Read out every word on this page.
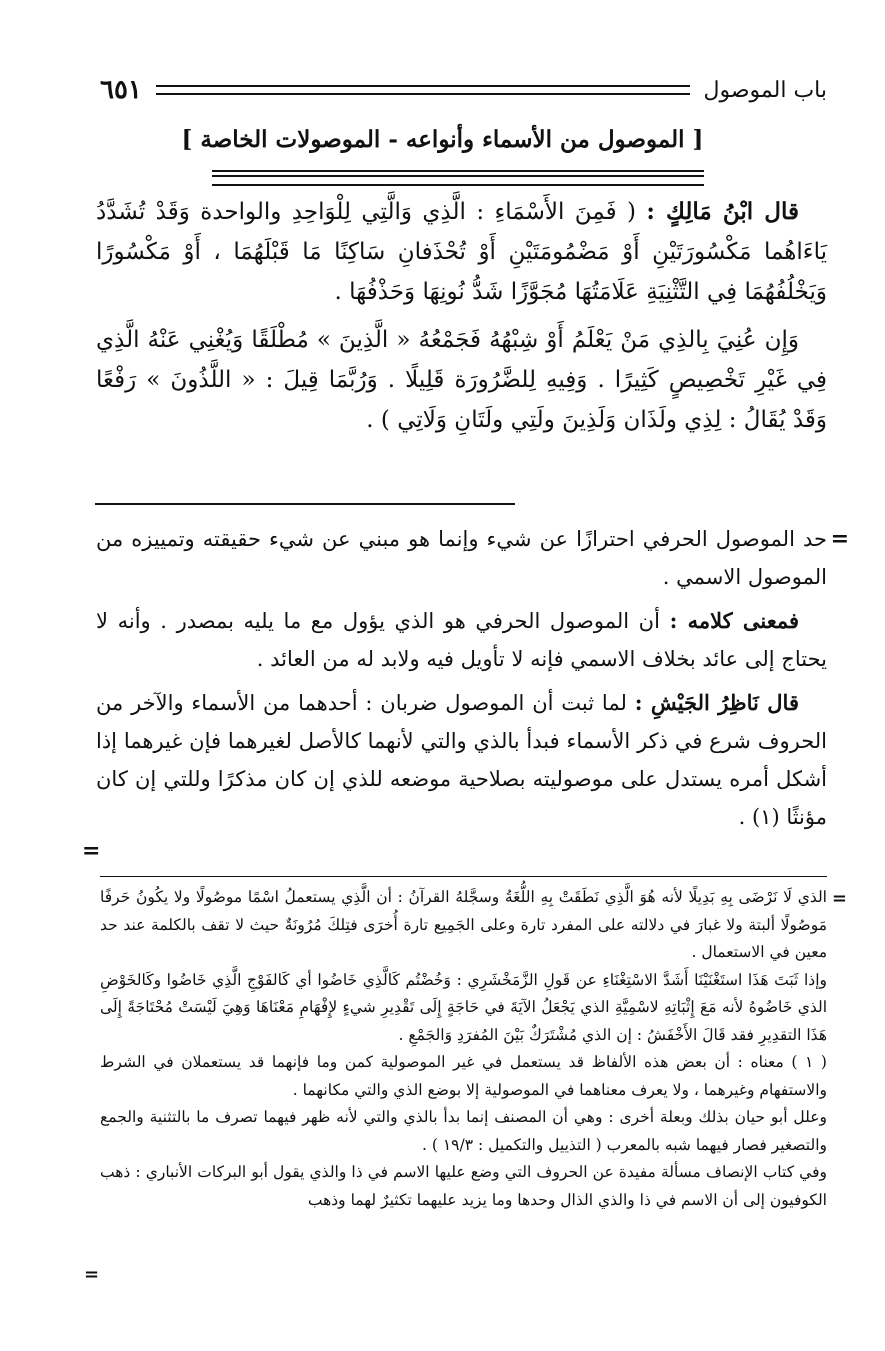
باب الموصول
٦٥١
[ الموصول من الأسماء وأنواعه - الموصولات الخاصة ]

قال ابْنُ مَالِكٍ : ( فَمِنَ الأَسْمَاءِ : الَّذِي وَالَّتِي لِلْوَاحِدِ والواحدة وَقَدْ تُشَدَّدُ يَاءَاهُما مَكْسُورَتَيْنِ أَوْ مَضْمُومَتَيْنِ أَوْ تُحْذَفانِ سَاكِنًا مَا قَبْلَهُمَا ، أَوْ مَكْسُورًا وَيَخْلُفُهُمَا فِي التَّثْنِيَةِ عَلَامَتُهَا مُجَوَّزًا شَدُّ نُونِهَا وَحَذْفُهَا .

وَإِن عُنِيَ بِالذِي مَنْ يَعْلَمُ أَوْ شِبْهُهُ فَجَمْعُهُ « الَّذِينَ » مُطْلَقًا وَيُغْنِي عَنْهُ الَّذِي فِي غَيْرِ تَخْصِيصٍ كَثِيرًا . وَفِيهِ لِلضَّرُورَة قَلِيلًا . وَرُبَّمَا قِيلَ : « اللَّذُونَ » رَفْعًا وَقَدْ يُقَالُ : لِذِي ولَذَان وَلَذِينَ ولَتِي ولَتَانِ وَلَاتِي ) .

=

حد الموصول الحرفي احترازًا عن شيء وإنما هو مبني عن شيء حقيقته وتمييزه من الموصول الاسمي .

فمعنى كلامه : أن الموصول الحرفي هو الذي يؤول مع ما يليه بمصدر . وأنه لا يحتاج إلى عائد بخلاف الاسمي فإنه لا تأويل فيه ولابد له من العائد .

قال نَاظِرُ الجَيْشِ : لما ثبت أن الموصول ضربان : أحدهما من الأسماء والآخر من الحروف شرع في ذكر الأسماء فبدأ بالذي والتي لأنهما كالأصل لغيرهما فإن غيرهما إذا أشكل أمره يستدل على موصوليته بصلاحية موضعه للذي إن كان مذكرًا وللتي إن كان مؤنثًا (١) .

=
=

الذي لَا نَرْضَى بِهِ بَدِيلًا لأنه هُوَ الَّذِي نَطَقَتْ بِهِ اللُّغَةُ وسجَّلهُ القرآنُ : أن الَّذِي يستعملُ اسْمًا موصُولًا ولا يكُونُ حَرفًا مَوصُولًا ألبتة ولا غبارَ في دلالته على المفرد تارة وعلى الجَمِيع تارة أُخرَى فتِلكَ مُرُونَةٌ حيث لا تقف بالكلمة عند حد معين في الاستعمال .

وإذا ثَبَتَ هَذَا استَغْنَيْنَا أَشَدَّ الاسْتِغْنَاءِ عن قَولِ الزَّمَخْشَرِي : وَخُضْتُم كَالَّذِي خَاضُوا أي كَالفَوْجِ الَّذِي خَاضُوا وكَالخَوْضِ الذي خَاضُوهُ لأنه مَعَ إِثْبَاتِهِ لاسْمِيَّةِ الذي يَجْعَلُ الآيَةَ في حَاجَةٍ إِلَى تَقْدِيرِ شيءٍ لإِفْهَامِ مَعْنَاهَا وَهِيَ لَيْسَتْ مُحْتَاجَةً إِلَى هَذَا التقدِيرِ فقد قَالَ الأَخْفَشُ : إن الذي مُشْتَرَكٌ بَيْنَ المُفرَدِ وَالجَمْعِ .

( ١ ) معناه : أن بعض هذه الألفاظ قد يستعمل في غير الموصولية كمن وما فإنهما قد يستعملان في الشرط والاستفهام وغيرهما ، ولا يعرف معناهما في الموصولية إلا بوضع الذي والتي مكانهما .

وعلل أبو حيان بذلك وبعلة أخرى : وهي أن المصنف إنما بدأ بالذي والتي لأنه ظهر فيهما تصرف ما بالتثنية والجمع والتصغير فصار فيهما شبه بالمعرب ( التذييل والتكميل : ١٩/٣ ) .

وفي كتاب الإنصاف مسألة مفيدة عن الحروف التي وضع عليها الاسم في ذا والذي يقول أبو البركات الأنباري : ذهب الكوفيون إلى أن الاسم في ذا والذي الذال وحدها وما يزيد عليهما تكثيرٌ لهما وذهب

=
